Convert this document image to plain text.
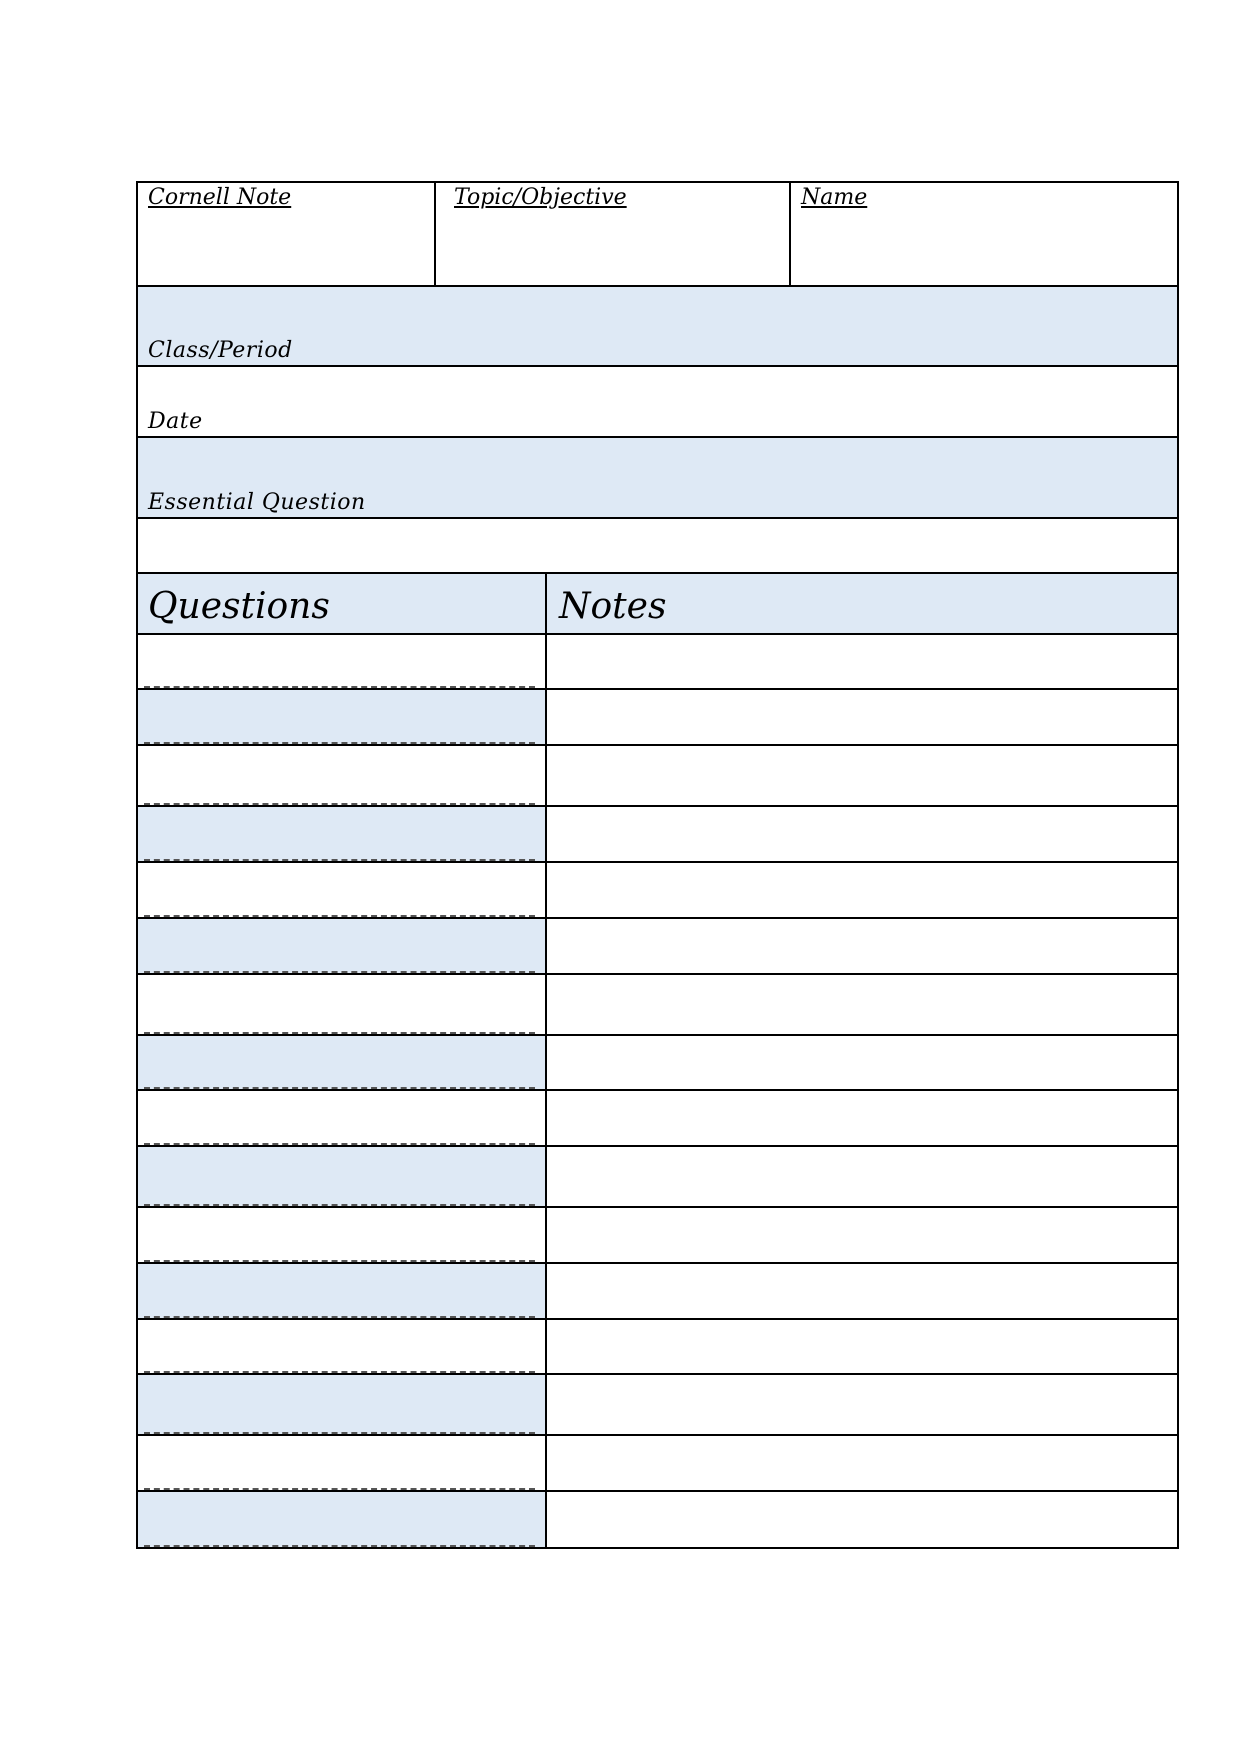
Cornell Note	Topic/Objective	Name
Class/Period
Date
Essential Question
Questions	Notes
